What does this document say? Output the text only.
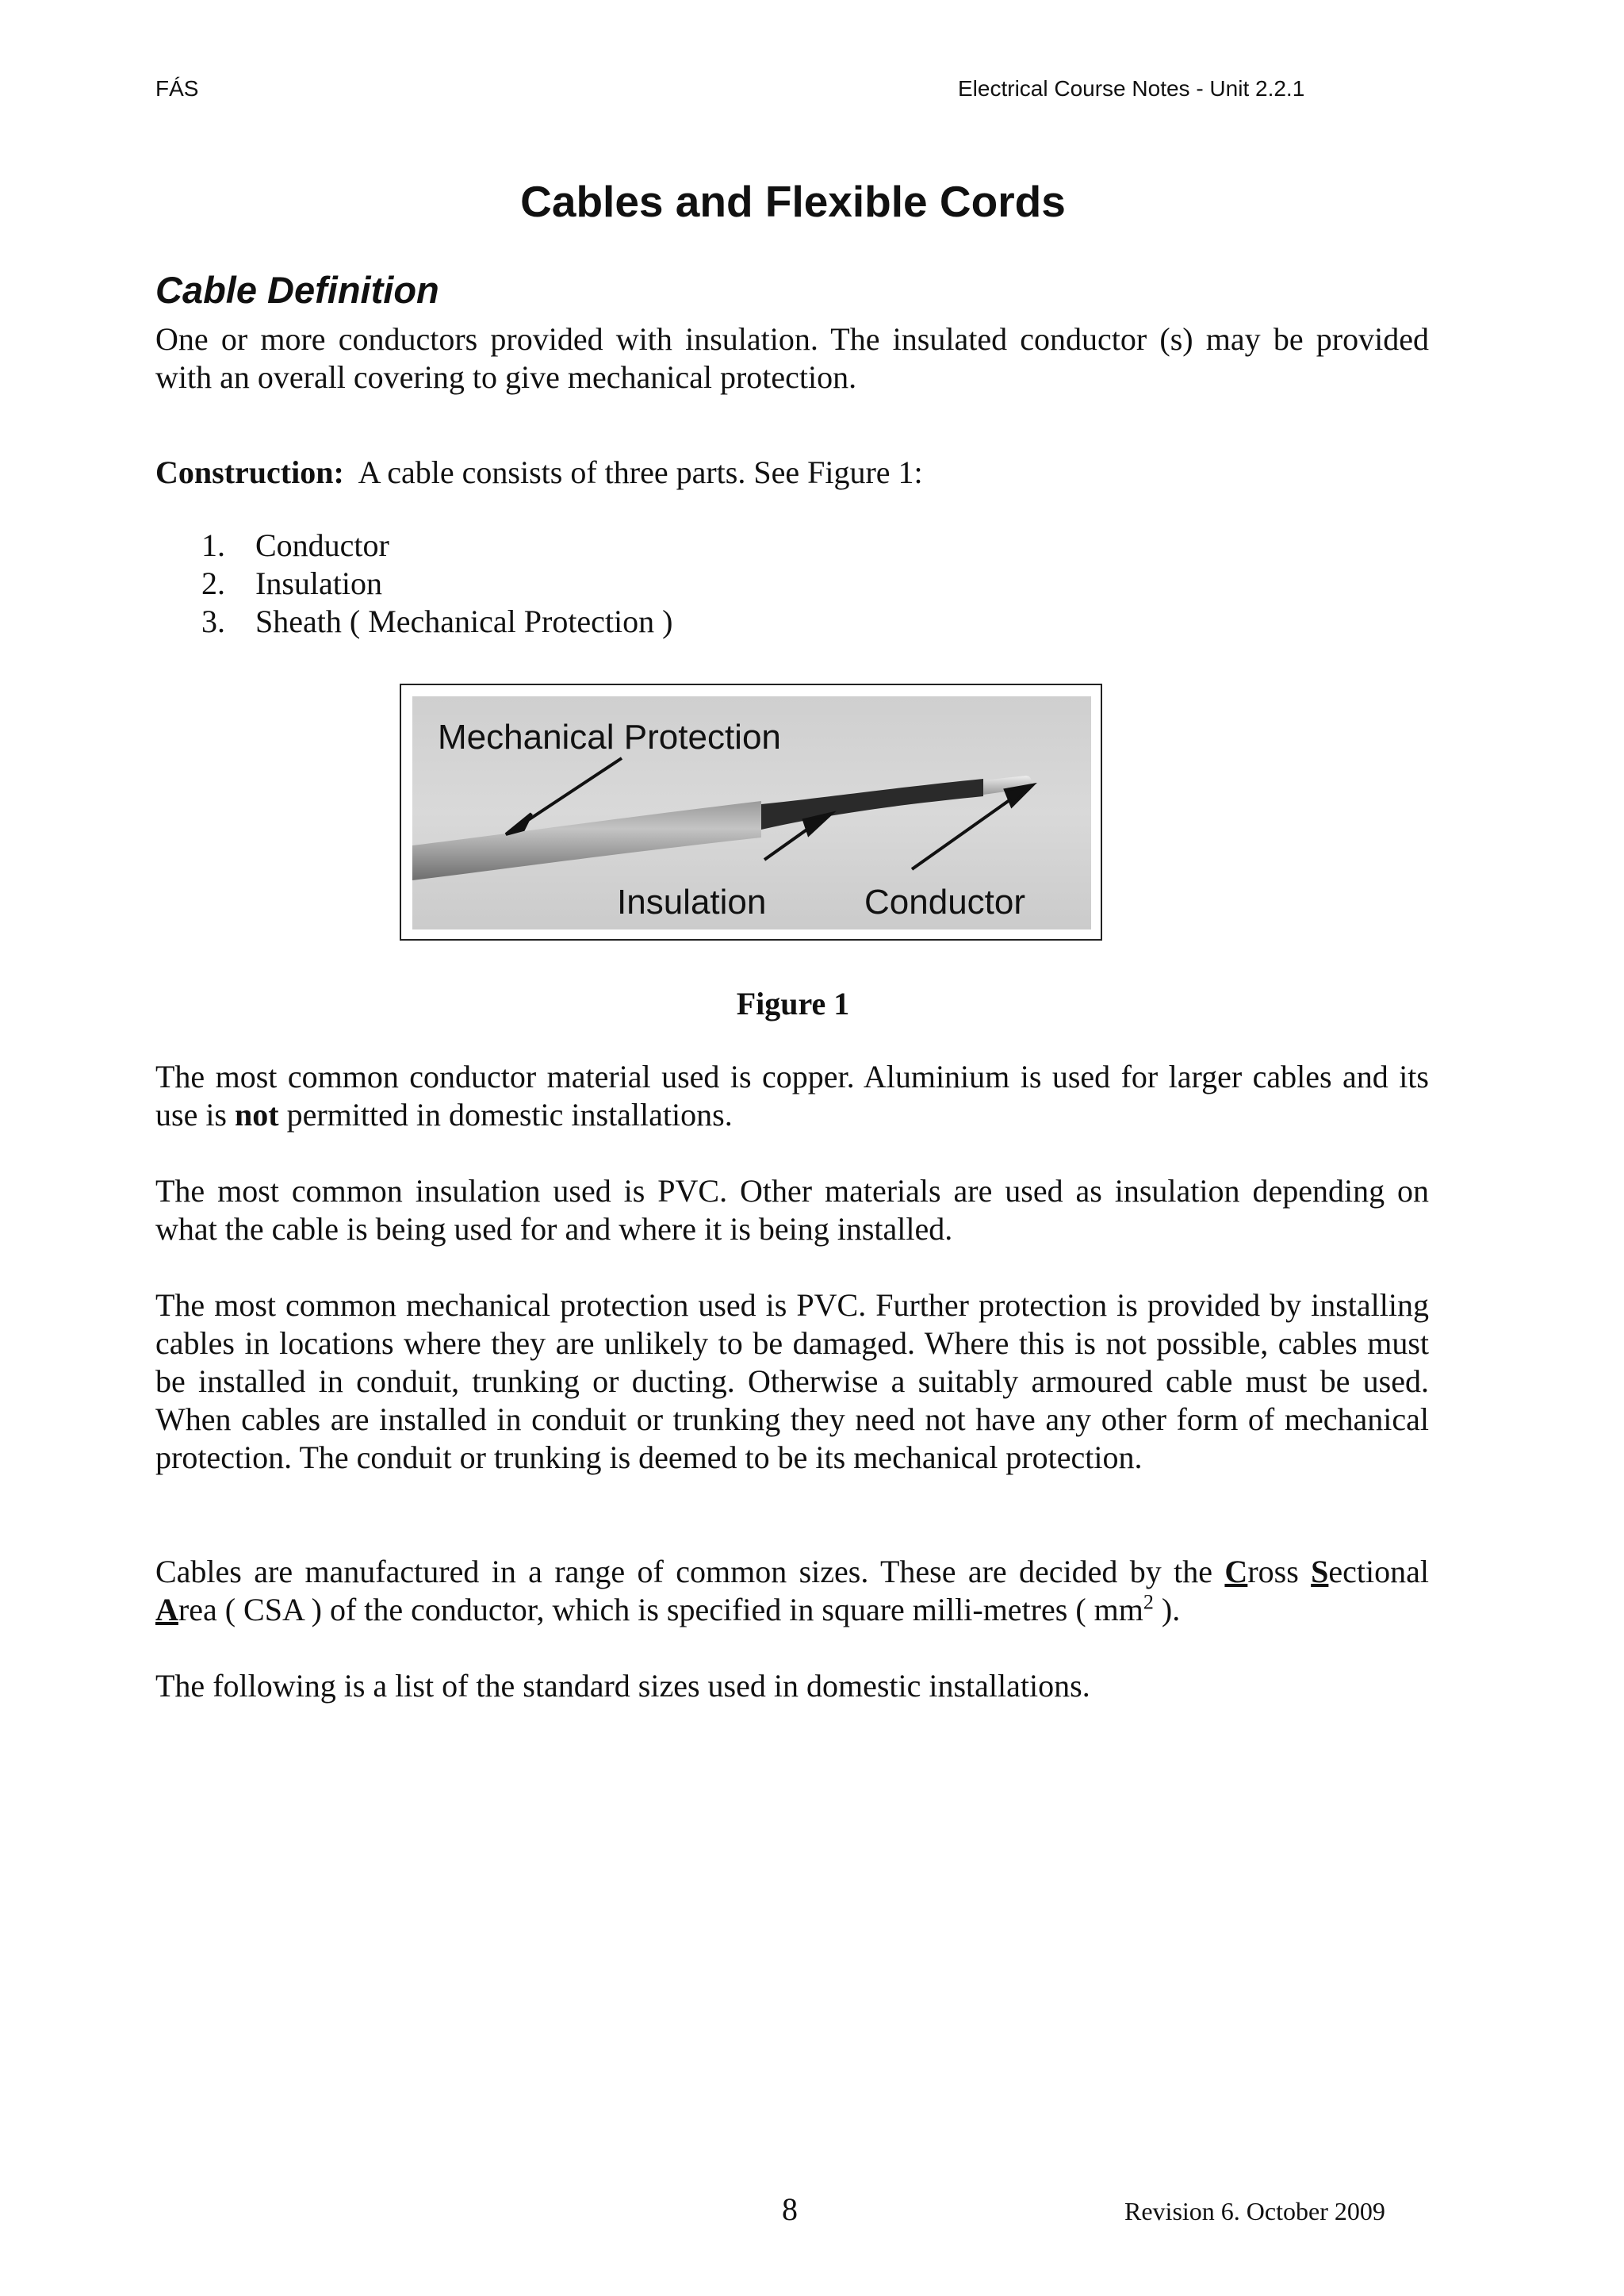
FÁS	Electrical Course Notes - Unit 2.2.1
Cables and Flexible Cords
Cable Definition

One or more conductors provided with insulation. The insulated conductor (s) may be provided with an overall covering to give mechanical protection.

Construction: A cable consists of three parts. See Figure 1:

1. Conductor
2. Insulation
3. Sheath ( Mechanical Protection )
Mechanical Protection
Insulation	Conductor
Figure 1

The most common conductor material used is copper. Aluminium is used for larger cables and its use is not permitted in domestic installations.

The most common insulation used is PVC. Other materials are used as insulation depending on what the cable is being used for and where it is being installed.

The most common mechanical protection used is PVC. Further protection is provided by installing cables in locations where they are unlikely to be damaged. Where this is not possible, cables must be installed in conduit, trunking or ducting. Otherwise a suitably armoured cable must be used. When cables are installed in conduit or trunking they need not have any other form of mechanical protection. The conduit or trunking is deemed to be its mechanical protection.

Cables are manufactured in a range of common sizes. These are decided by the Cross Sectional Area ( CSA ) of the conductor, which is specified in square milli-metres ( $mm^2$ ).

The following is a list of the standard sizes used in domestic installations.

8	Revision 6. October 2009
